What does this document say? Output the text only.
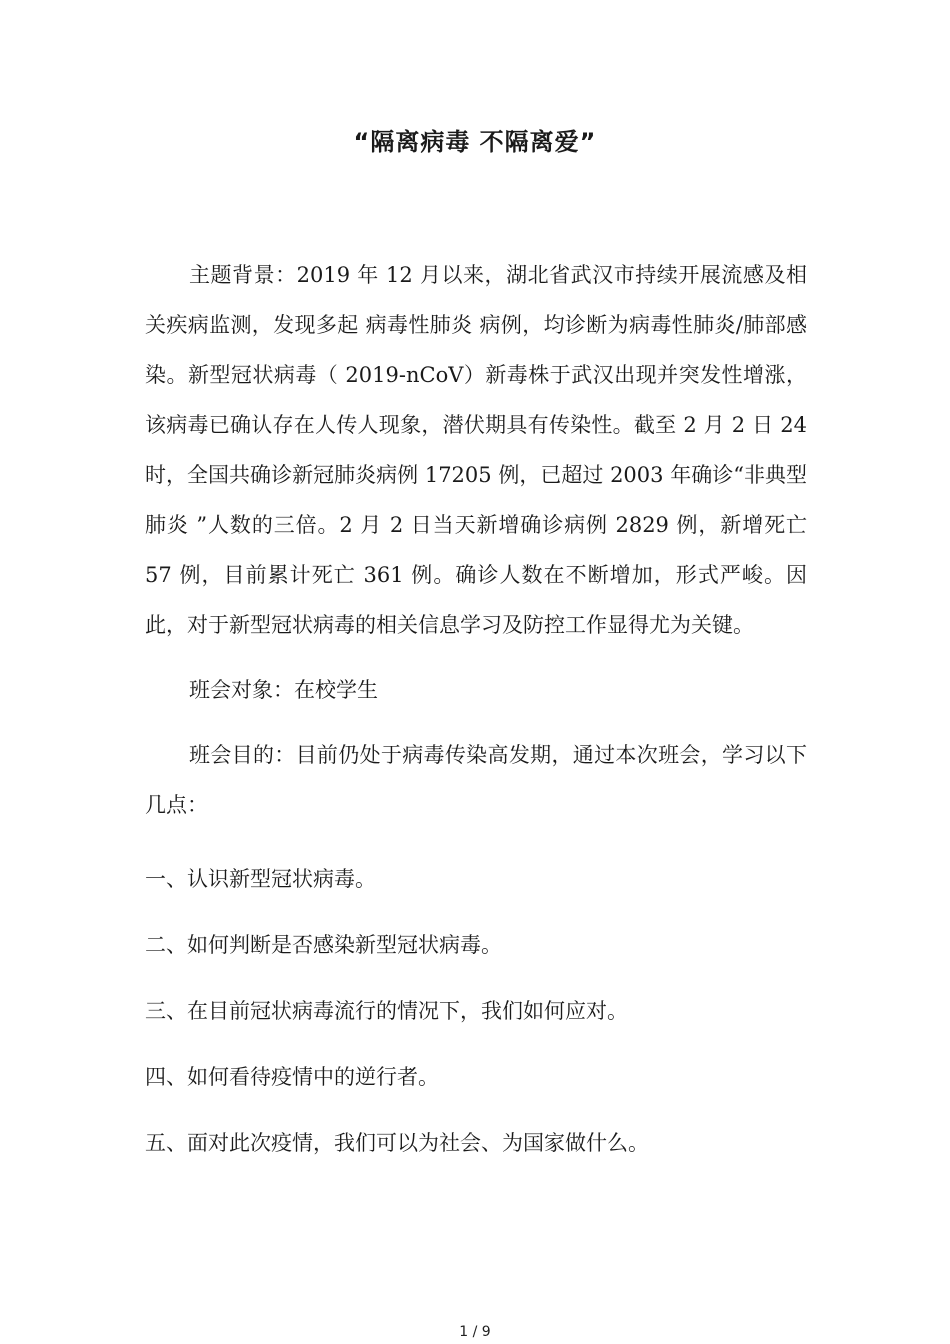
“隔离病毒 不隔离爱”

主题背景：2019 年 12 月以来，湖北省武汉市持续开展流感及相关疾病监测，发现多起 病毒性肺炎 病例，均诊断为病毒性肺炎/肺部感染。新型冠状病毒（ 2019-nCoV）新毒株于武汉出现并突发性增涨，该病毒已确认存在人传人现象，潜伏期具有传染性。截至 2 月 2 日 24 时，全国共确诊新冠肺炎病例 17205 例，已超过 2003 年确诊“非典型肺炎 ”人数的三倍。2 月 2 日当天新增确诊病例 2829 例，新增死亡 57 例，目前累计死亡 361 例。确诊人数在不断增加，形式严峻。因此，对于新型冠状病毒的相关信息学习及防控工作显得尤为关键。

班会对象：在校学生

班会目的：目前仍处于病毒传染高发期，通过本次班会，学习以下几点：

一、认识新型冠状病毒。
二、如何判断是否感染新型冠状病毒。
三、在目前冠状病毒流行的情况下，我们如何应对。
四、如何看待疫情中的逆行者。
五、面对此次疫情，我们可以为社会、为国家做什么。
1 / 9
